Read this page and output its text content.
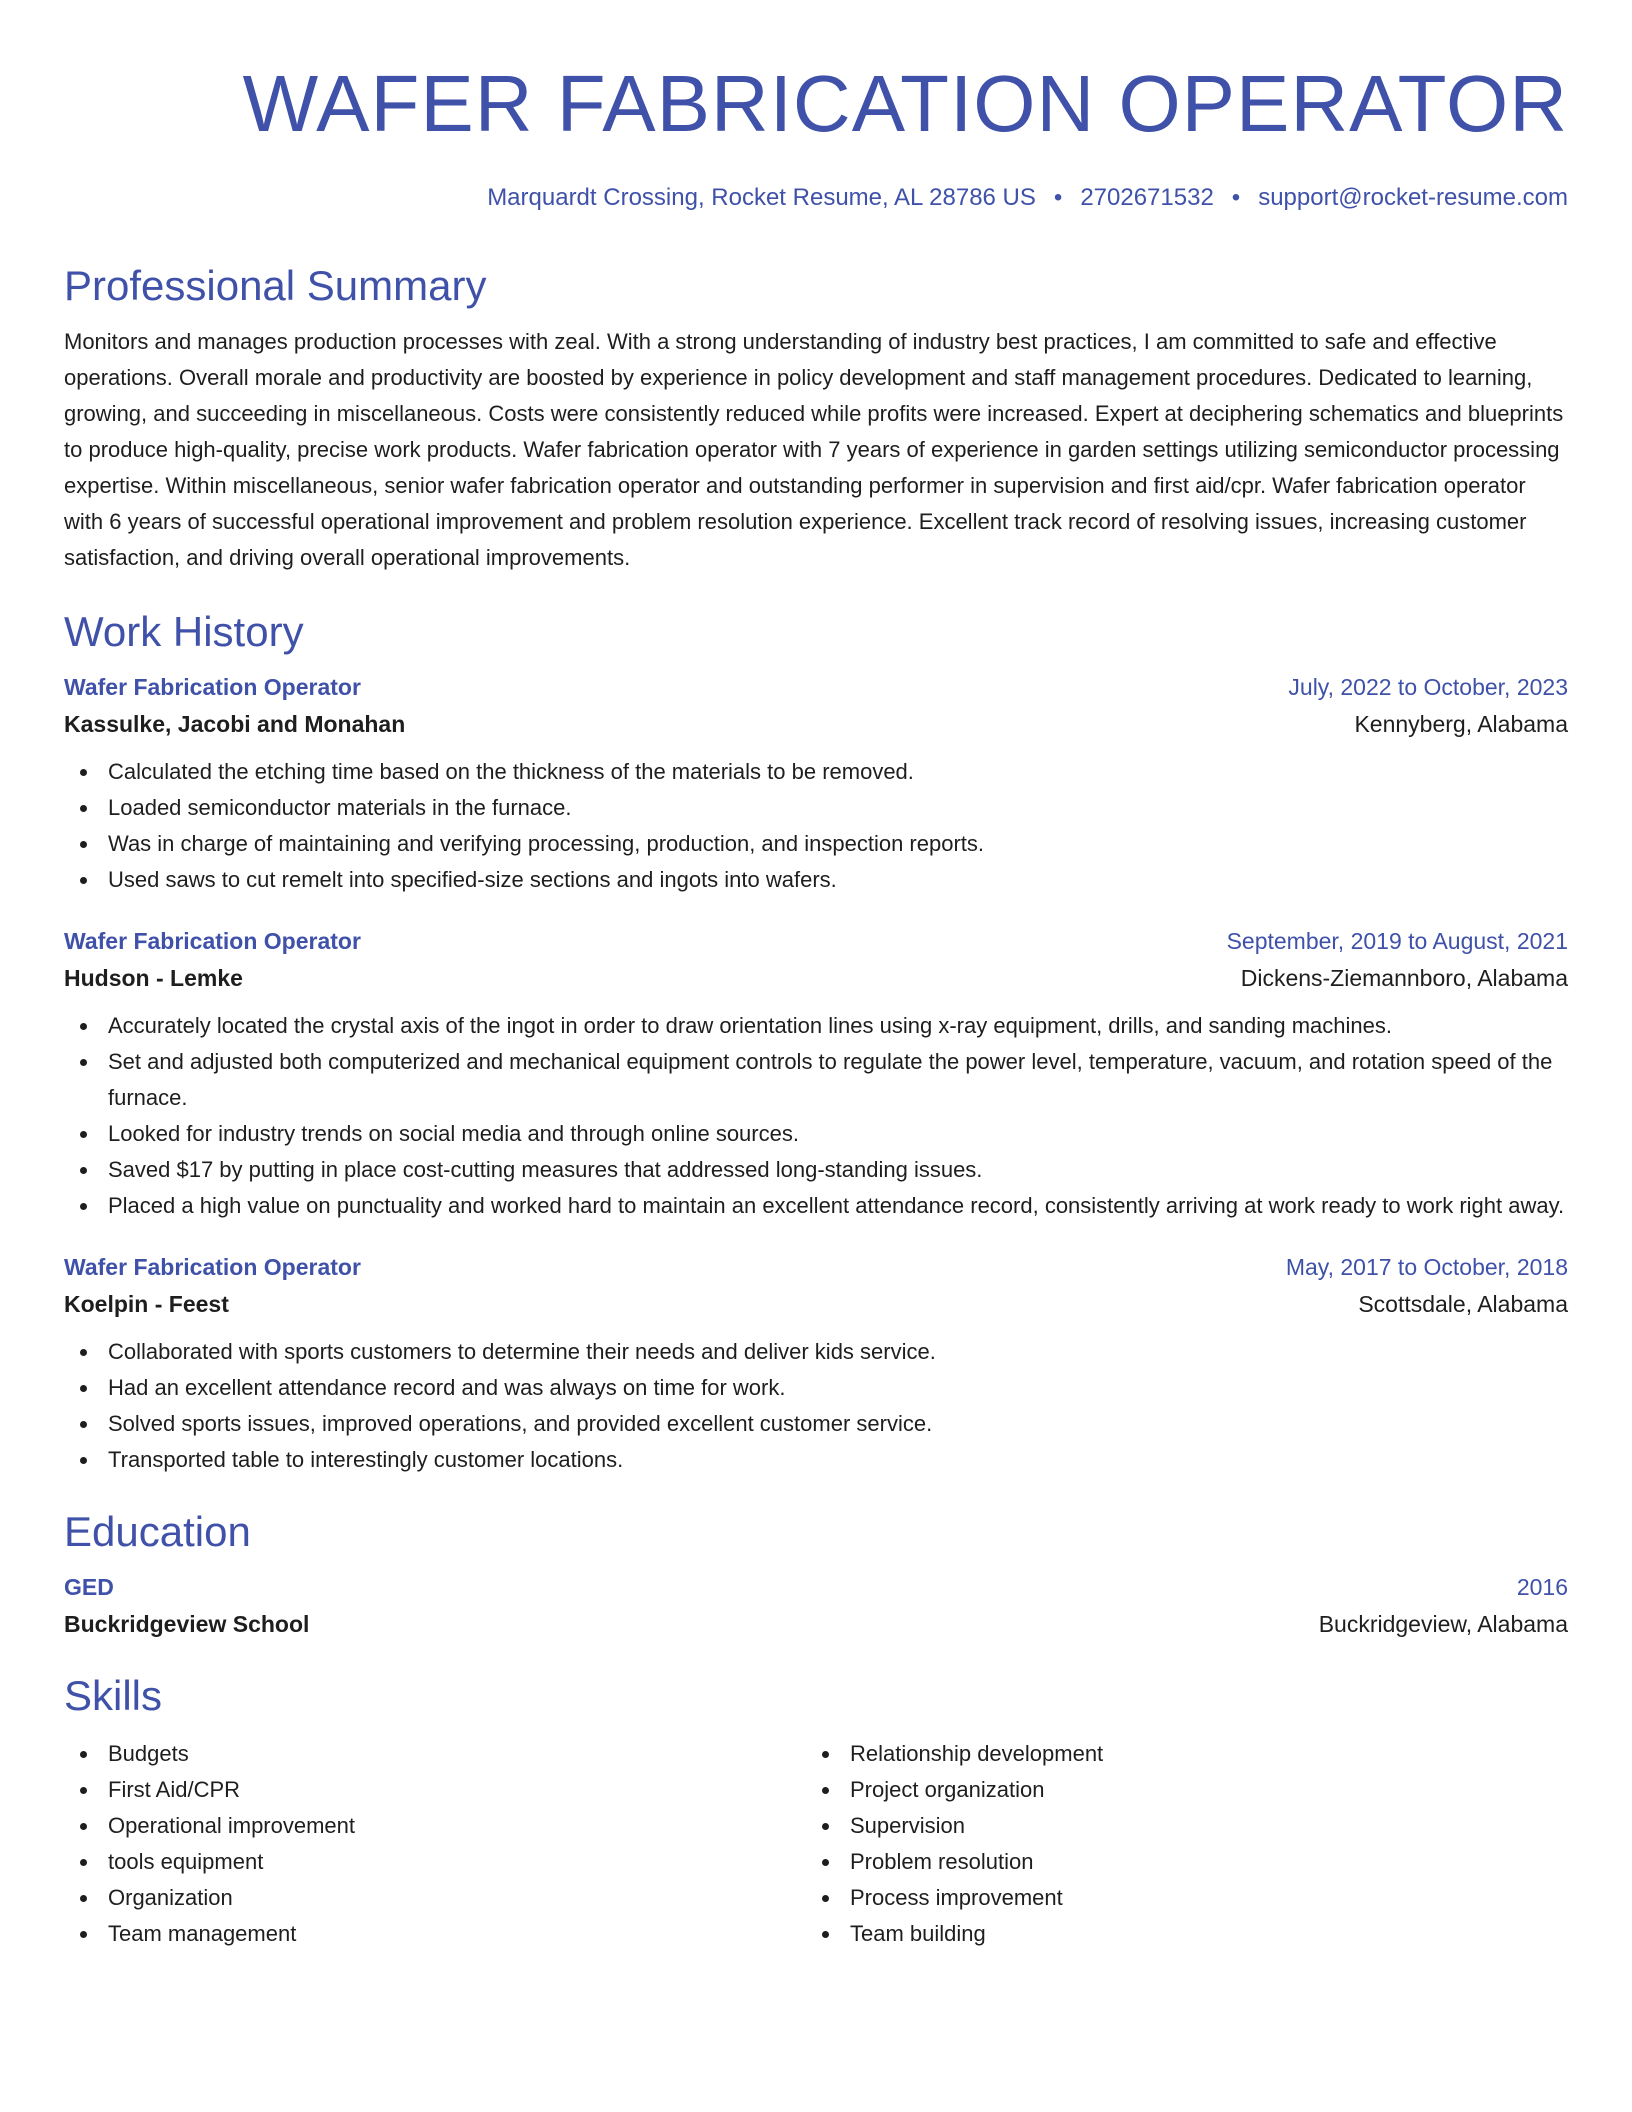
WAFER FABRICATION OPERATOR
Marquardt Crossing, Rocket Resume, AL 28786 US • 2702671532 • support@rocket-resume.com
Professional Summary

Monitors and manages production processes with zeal. With a strong understanding of industry best practices, I am committed to safe and effective operations. Overall morale and productivity are boosted by experience in policy development and staff management procedures. Dedicated to learning, growing, and succeeding in miscellaneous. Costs were consistently reduced while profits were increased. Expert at deciphering schematics and blueprints to produce high-quality, precise work products. Wafer fabrication operator with 7 years of experience in garden settings utilizing semiconductor processing expertise. Within miscellaneous, senior wafer fabrication operator and outstanding performer in supervision and first aid/cpr. Wafer fabrication operator with 6 years of successful operational improvement and problem resolution experience. Excellent track record of resolving issues, increasing customer satisfaction, and driving overall operational improvements.

Work History
Wafer Fabrication Operator	July, 2022 to October, 2023
Kassulke, Jacobi and Monahan	Kennyberg, Alabama
Calculated the etching time based on the thickness of the materials to be removed.
Loaded semiconductor materials in the furnace.
Was in charge of maintaining and verifying processing, production, and inspection reports.
Used saws to cut remelt into specified-size sections and ingots into wafers.
Wafer Fabrication Operator	September, 2019 to August, 2021
Hudson - Lemke	Dickens-Ziemannboro, Alabama
Accurately located the crystal axis of the ingot in order to draw orientation lines using x-ray equipment, drills, and sanding machines.
Set and adjusted both computerized and mechanical equipment controls to regulate the power level, temperature, vacuum, and rotation speed of the furnace.
Looked for industry trends on social media and through online sources.
Saved $17 by putting in place cost-cutting measures that addressed long-standing issues.
Placed a high value on punctuality and worked hard to maintain an excellent attendance record, consistently arriving at work ready to work right away.
Wafer Fabrication Operator	May, 2017 to October, 2018
Koelpin - Feest	Scottsdale, Alabama
Collaborated with sports customers to determine their needs and deliver kids service.
Had an excellent attendance record and was always on time for work.
Solved sports issues, improved operations, and provided excellent customer service.
Transported table to interestingly customer locations.
Education
GED	2016
Buckridgeview School	Buckridgeview, Alabama
Skills
Budgets
First Aid/CPR
Operational improvement
tools equipment
Organization
Team management
Relationship development
Project organization
Supervision
Problem resolution
Process improvement
Team building
